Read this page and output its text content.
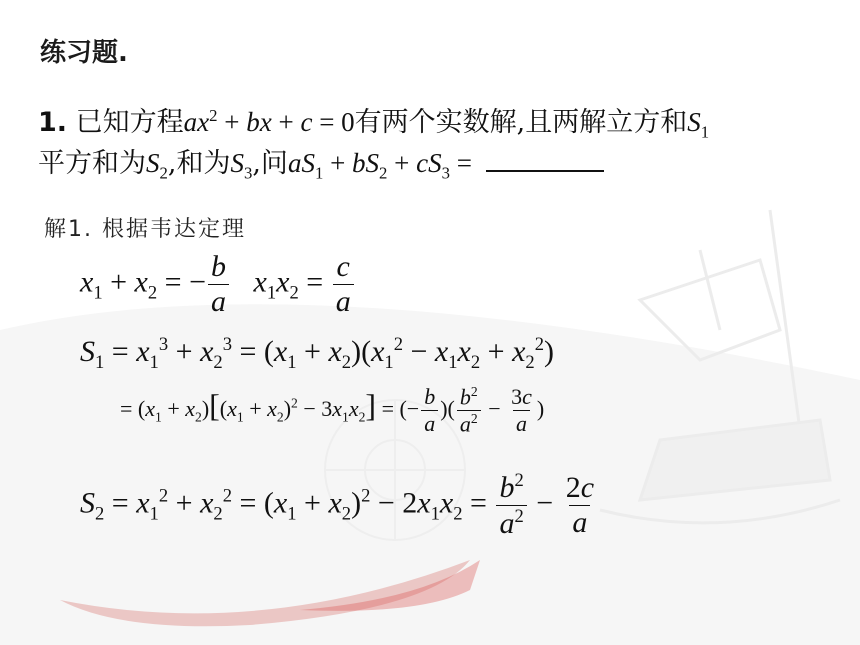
练习题.
1. 已知方程$ax^2$ + bx + c = 0有两个实数解,且两解立方和$S_1$
平方和为$S_2$,和为$S_3$,问$aS_1 + bS_2 + cS_3$ =
解1. 根据韦达定理
$x_1 + x_2$ = − $\frac{b}{a} x_1x_2 = \frac{c}{a}$
$S_1 = x_1^3 + x_2^3 = (x_1 + x_2)(x_1^2 - x_1x_2 + x_2^2)$
= $(x_1 + x_2)[(x_1 + x_2)^2 - 3x_1x_2]$ = (− $\frac{b}{a}$ )( $\frac{b^2}{a^2} - \frac{3c}{a}$ )
$S_2 = x_1^2 + x_2^2 = (x_1 + x_2)^2 - 2x_1x_2 = \frac{b^2}{a^2} - \frac{2c}{a}$
